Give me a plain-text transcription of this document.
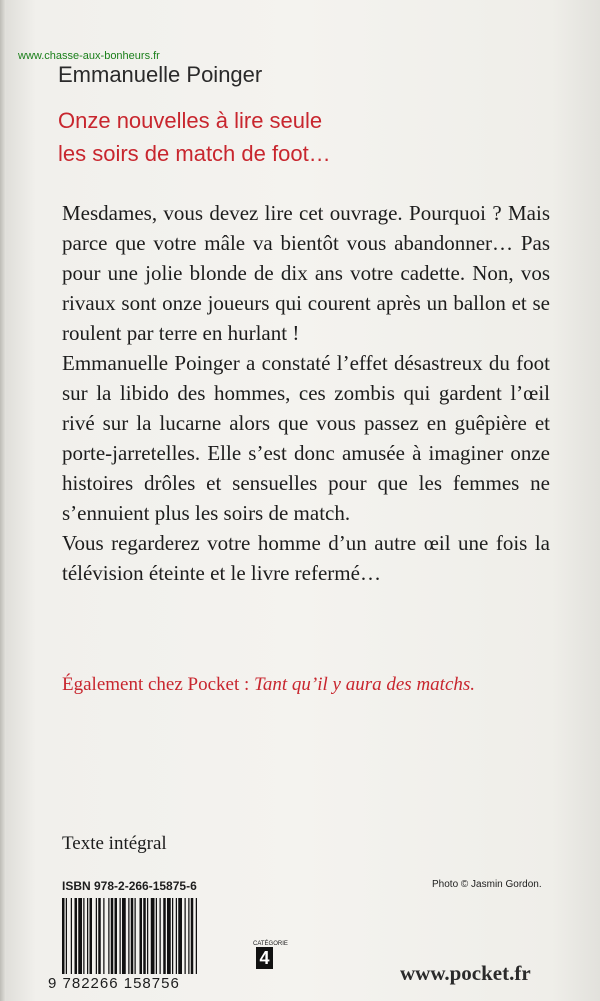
www.chasse-aux-bonheurs.fr
Emmanuelle Poinger
Onze nouvelles à lire seule
les soirs de match de foot…

Mesdames, vous devez lire cet ouvrage. Pourquoi ? Mais parce que votre mâle va bientôt vous abandonner… Pas pour une jolie blonde de dix ans votre cadette. Non, vos rivaux sont onze joueurs qui courent après un ballon et se roulent par terre en hurlant !

Emmanuelle Poinger a constaté l’effet désastreux du foot sur la libido des hommes, ces zombis qui gardent l’œil rivé sur la lucarne alors que vous passez en guêpière et porte-jarretelles. Elle s’est donc amusée à imaginer onze histoires drôles et sensuelles pour que les femmes ne s’ennuient plus les soirs de match.

Vous regarderez votre homme d’un autre œil une fois la télévision éteinte et le livre refermé…

Également chez Pocket : Tant qu’il y aura des matchs.
Texte intégral
ISBN 978-2-266-15875-6	Photo © Jasmin Gordon.
9 782266 158756
CATÉGORIE
4
www.pocket.fr
